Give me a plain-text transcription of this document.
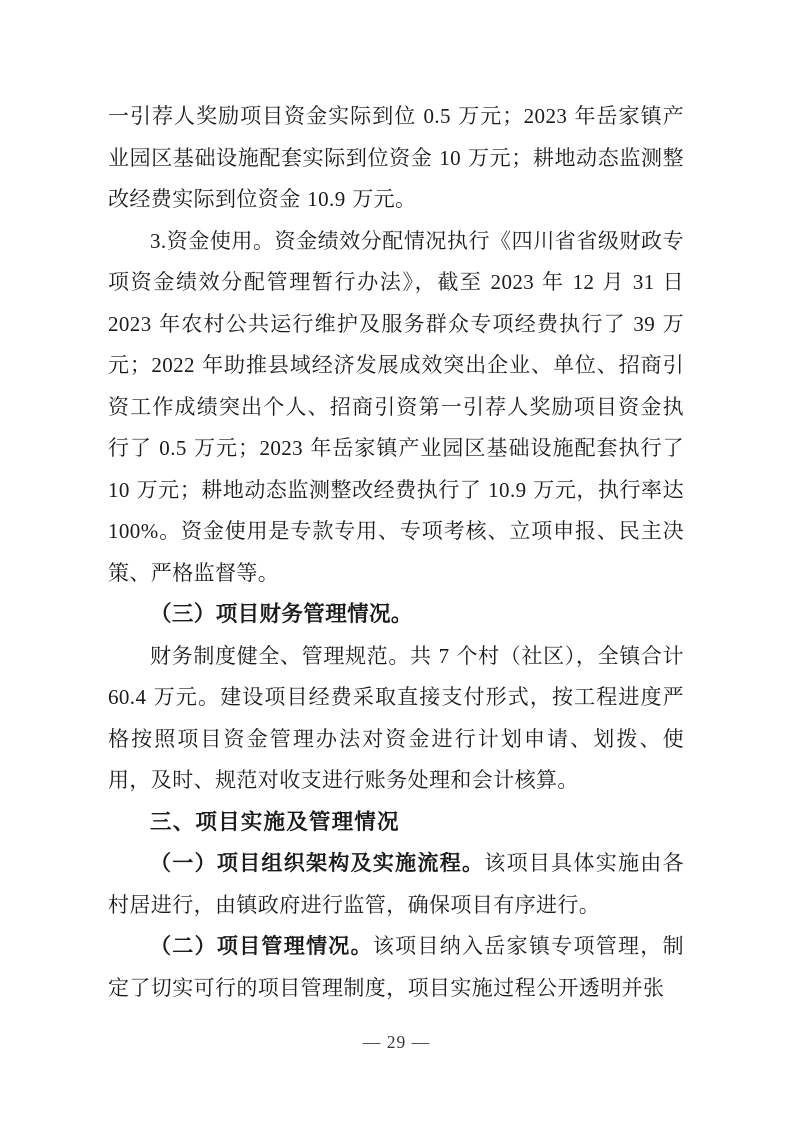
一引荐人奖励项目资金实际到位 0.5 万元；2023 年岳家镇产业园区基础设施配套实际到位资金 10 万元；耕地动态监测整改经费实际到位资金 10.9 万元。

3.资金使用。资金绩效分配情况执行《四川省省级财政专项资金绩效分配管理暂行办法》，截至 2023 年 12 月 31 日 2023 年农村公共运行维护及服务群众专项经费执行了 39 万元；2022 年助推县域经济发展成效突出企业、单位、招商引资工作成绩突出个人、招商引资第一引荐人奖励项目资金执行了 0.5 万元；2023 年岳家镇产业园区基础设施配套执行了 10 万元；耕地动态监测整改经费执行了 10.9 万元，执行率达 100%。资金使用是专款专用、专项考核、立项申报、民主决策、严格监督等。

（三）项目财务管理情况。

财务制度健全、管理规范。共 7 个村（社区），全镇合计 60.4 万元。建设项目经费采取直接支付形式，按工程进度严格按照项目资金管理办法对资金进行计划申请、划拨、使用，及时、规范对收支进行账务处理和会计核算。

三、项目实施及管理情况

（一）项目组织架构及实施流程。该项目具体实施由各村居进行，由镇政府进行监管，确保项目有序进行。

（二）项目管理情况。该项目纳入岳家镇专项管理，制定了切实可行的项目管理制度，项目实施过程公开透明并张

— 29 —
